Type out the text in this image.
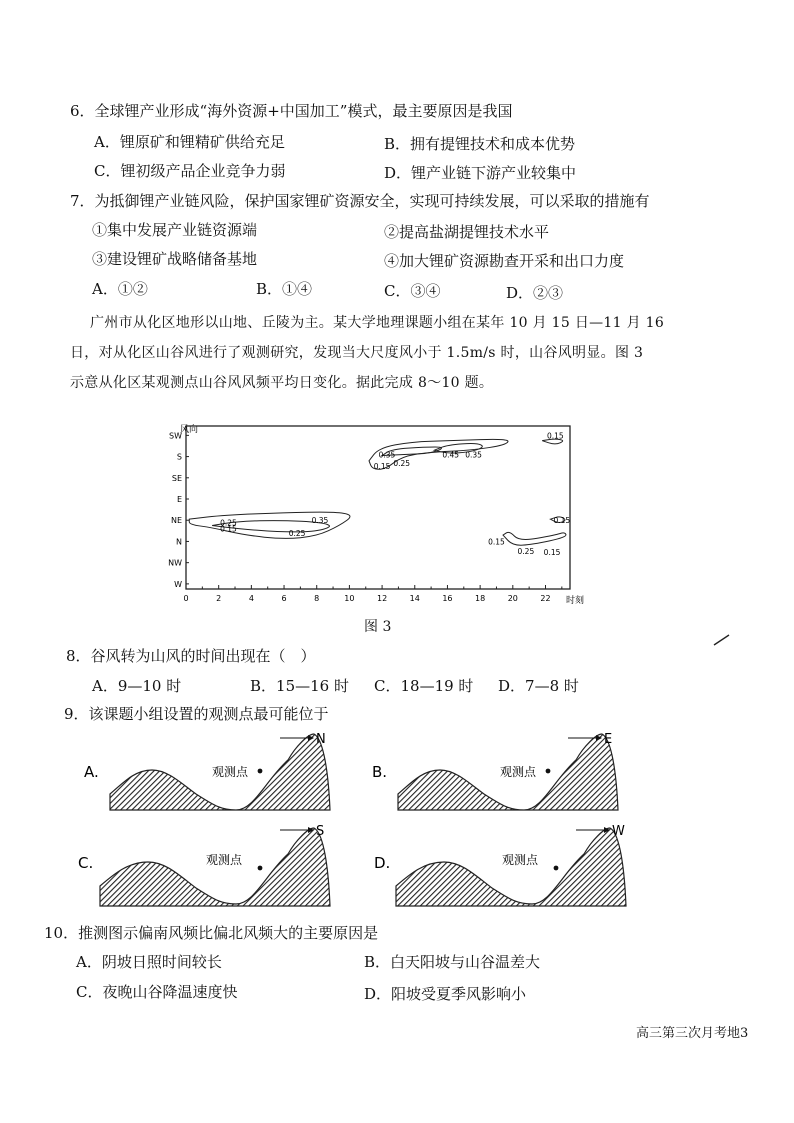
6．全球锂产业形成“海外资源+中国加工”模式，最主要原因是我国
A．锂原矿和锂精矿供给充足	B．拥有提锂技术和成本优势
C．锂初级产品企业竞争力弱	D．锂产业链下游产业较集中
7．为抵御锂产业链风险，保护国家锂矿资源安全，实现可持续发展，可以采取的措施有
①集中发展产业链资源端	②提高盐湖提锂技术水平
③建设锂矿战略储备基地	④加大锂矿资源勘查开采和出口力度
A．①②	B．①④	C．③④	D．②③
广州市从化区地形以山地、丘陵为主。某大学地理课题小组在某年 10 月 15 日—11 月 16
日，对从化区山谷风进行了观测研究，发现当大尺度风小于 1.5m/s 时，山谷风明显。图 3
示意从化区某观测点山谷风风频平均日变化。据此完成 8～10 题。
风向
SW
S
SE
E
NE
N
NW
W
0	2	4	6	8	10	12	14	16	18	20	22
0.35	0.45 0.35
0.25
0.15
0.15
0.25
0.15
0.35
0.25
0.15
0.15
0.25 0.15
时刻
图 3
8．谷风转为山风的时间出现在（　）
A．9—10 时	B．15—16 时 C．18—19 时 D．7—8 时
9．该课题小组设置的观测点最可能位于
A.	观测点
N
B.	观测点
E
C.	观测点
S
D.	观测点
W
10．推测图示偏南风频比偏北风频大的主要原因是
A．阴坡日照时间较长	B．白天阳坡与山谷温差大
C．夜晚山谷降温速度快	D．阳坡受夏季风影响小
高三第三次月考地3
